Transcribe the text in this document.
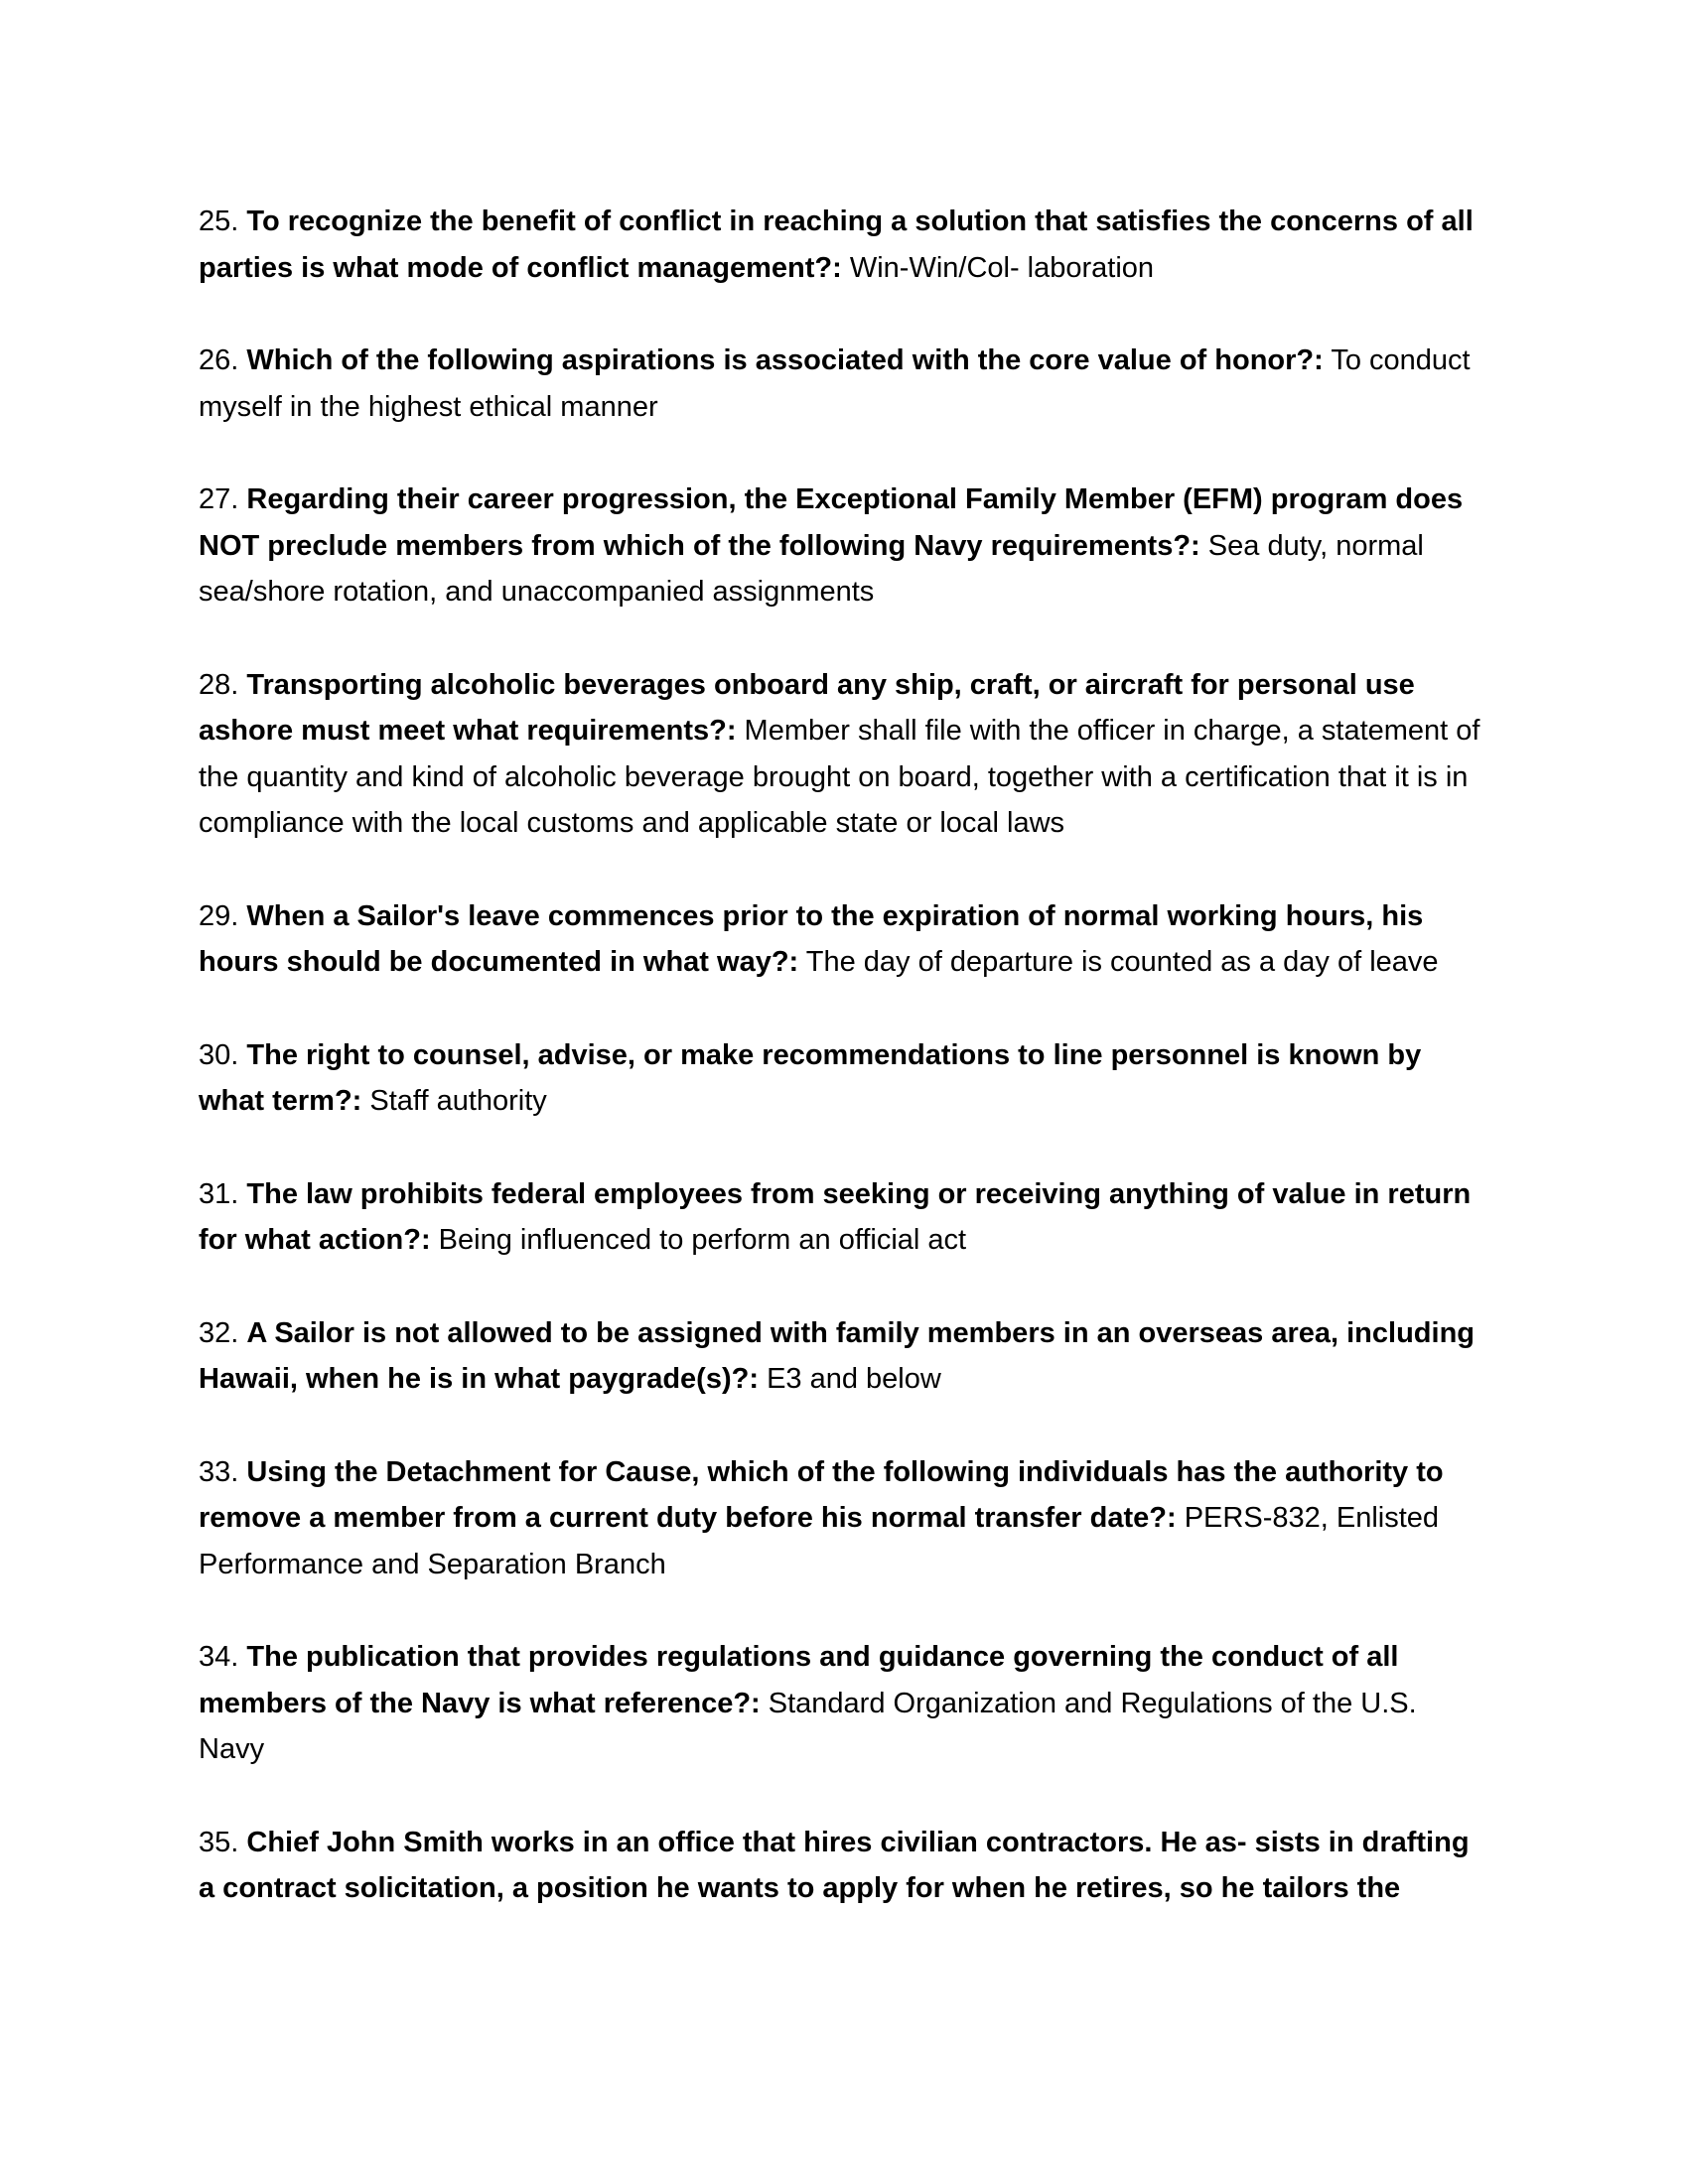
25. To recognize the benefit of conflict in reaching a solution that satisfies the concerns of all parties is what mode of conflict management?: Win-Win/Col- laboration

26. Which of the following aspirations is associated with the core value of honor?: To conduct myself in the highest ethical manner

27. Regarding their career progression, the Exceptional Family Member (EFM) program does NOT preclude members from which of the following Navy requirements?: Sea duty, normal sea/shore rotation, and unaccompanied assignments

28. Transporting alcoholic beverages onboard any ship, craft, or aircraft for personal use ashore must meet what requirements?: Member shall file with the officer in charge, a statement of the quantity and kind of alcoholic beverage brought on board, together with a certification that it is in compliance with the local customs and applicable state or local laws

29. When a Sailor's leave commences prior to the expiration of normal working hours, his hours should be documented in what way?: The day of departure is counted as a day of leave

30. The right to counsel, advise, or make recommendations to line personnel is known by what term?: Staff authority

31. The law prohibits federal employees from seeking or receiving anything of value in return for what action?: Being influenced to perform an official act

32. A Sailor is not allowed to be assigned with family members in an overseas area, including Hawaii, when he is in what paygrade(s)?: E3 and below

33. Using the Detachment for Cause, which of the following individuals has the authority to remove a member from a current duty before his normal transfer date?: PERS-832, Enlisted Performance and Separation Branch

34. The publication that provides regulations and guidance governing the conduct of all members of the Navy is what reference?: Standard Organization and Regulations of the U.S. Navy

35. Chief John Smith works in an office that hires civilian contractors. He as- sists in drafting a contract solicitation, a position he wants to apply for when he retires, so he tailors the
